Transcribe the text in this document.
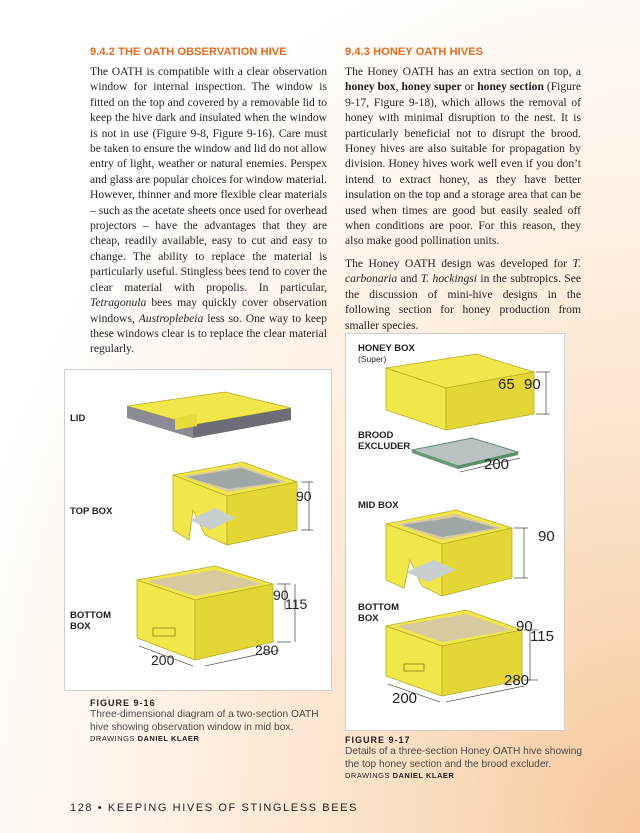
9.4.2 THE OATH OBSERVATION HIVE

The OATH is compatible with a clear observation window for internal inspection. The window is fitted on the top and covered by a removable lid to keep the hive dark and insulated when the window is not in use (Figure 9-8, Figure 9-16). Care must be taken to ensure the window and lid do not allow entry of light, weather or natural enemies. Perspex and glass are popular choices for window material. However, thinner and more flexible clear materials – such as the acetate sheets once used for overhead projectors – have the advantages that they are cheap, readily available, easy to cut and easy to change. The ability to replace the material is particularly useful. Stingless bees tend to cover the clear material with propolis. In particular, Tetragonula bees may quickly cover observation windows, Austroplebeia less so. One way to keep these windows clear is to replace the clear material regularly.

9.4.3 HONEY OATH HIVES

The Honey OATH has an extra section on top, a honey box, honey super or honey section (Figure 9-17, Figure 9-18), which allows the removal of honey with minimal disruption to the nest. It is particularly beneficial not to disrupt the brood. Honey hives are also suitable for propagation by division. Honey hives work well even if you don’t intend to extract honey, as they have better insulation on the top and a storage area that can be used when times are good but easily sealed off when conditions are poor. For this reason, they also make good pollination units.

The Honey OATH design was developed for T. carbonaria and T. hockingsi in the subtropics. See the discussion of mini-hive designs in the following section for honey production from smaller species.

LID
TOP BOX
BOTTOM
BOX
90
90
115
280
200
FIGURE 9-16
Three-dimensional diagram of a two-section OATH hive showing observation window in mid box.
DRAWINGS DANIEL KLAER
HONEY BOX
(Super)
BROOD
EXCLUDER
MID BOX
BOTTOM
BOX
65 90
200
90
90
115
280
200
FIGURE 9-17
Details of a three-section Honey OATH hive showing the top honey section and the brood excluder.
DRAWINGS DANIEL KLAER
128 • KEEPING HIVES OF STINGLESS BEES
